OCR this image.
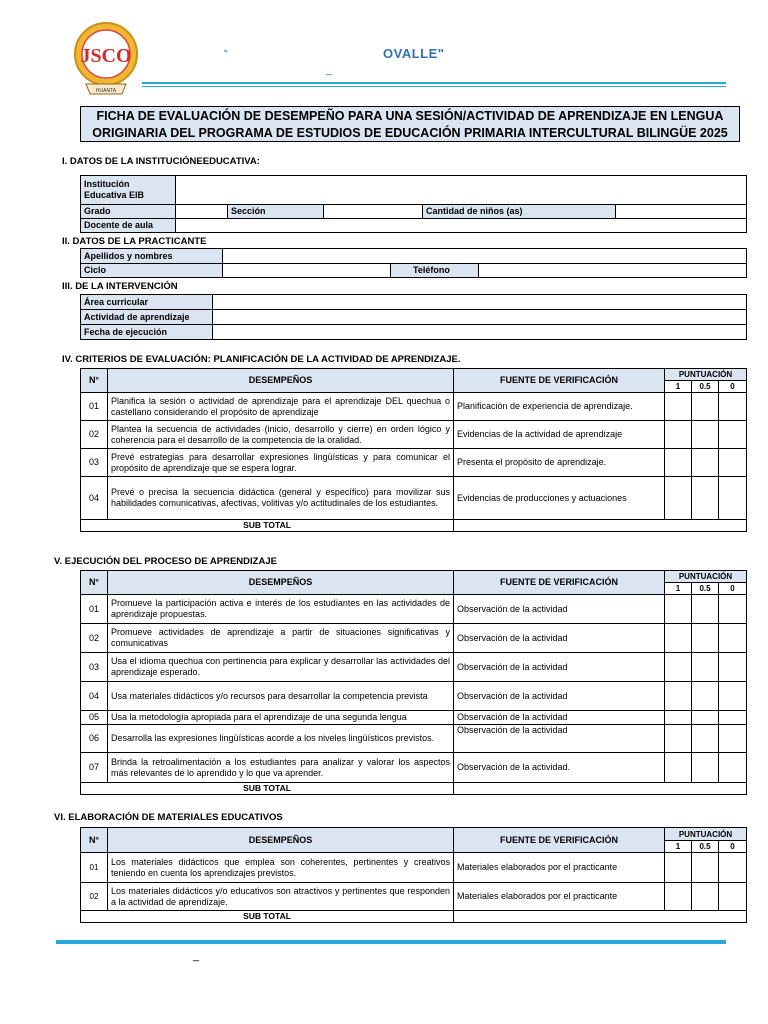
JSCO
HUANTA
“	OVALLE"
_
FICHA DE EVALUACIÓN DE DESEMPEÑO PARA UNA SESIÓN/ACTIVIDAD DE APRENDIZAJE EN LENGUA
ORIGINARIA DEL PROGRAMA DE ESTUDIOS DE EDUCACIÓN PRIMARIA INTERCULTURAL BILINGÜE 2025
I. DATOS DE LA INSTITUCIÓNEEDUCATIVA:
Institución Educativa EIB					
Grado		Sección		Cantidad de niños (as)	
Docente de aula					
II. DATOS DE LA PRACTICANTE
Apellidos y nombres			
Ciclo		Teléfono	
III. DE LA INTERVENCIÓN
Área curricular	
Actividad de aprendizaje	
Fecha de ejecución	
IV. CRITERIOS DE EVALUACIÓN: PLANIFICACIÓN DE LA ACTIVIDAD DE APRENDIZAJE.
N°	DESEMPEÑOS	FUENTE DE VERIFICACIÓN	PUNTUACIÓN		
			1	0.5	0
01	Planifica la sesión o actividad de aprendizaje para el aprendizaje DEL quechua o castellano considerando el propósito de aprendizaje	Planificación de experiencia de aprendizaje.			
02	Plantea la secuencia de actividades (inicio, desarrollo y cierre) en orden lógico y coherencia para el desarrollo de la competencia de la oralidad.	Evidencias de la actividad de aprendizaje			
03	Prevé estrategias para desarrollar expresiones lingüísticas y para comunicar el propósito de aprendizaje que se espera lograr.	Presenta el propósito de aprendizaje.			
04	Prevé o precisa la secuencia didáctica (general y específico) para movilizar sus habilidades comunicativas, afectivas, volitivas y/o actitudinales de los estudiantes.	Evidencias de producciones y actuaciones			
SUB TOTAL					
V. EJECUCIÓN DEL PROCESO DE APRENDIZAJE
N°	DESEMPEÑOS	FUENTE DE VERIFICACIÓN	PUNTUACIÓN		
			1	0.5	0
01	Promueve la participación activa e interés de los estudiantes en las actividades de aprendizaje propuestas.	Observación de la actividad			
02	Promueve actividades de aprendizaje a partir de situaciones significativas y comunicativas	Observación de la actividad			
03	Usa el idioma quechua con pertinencia para explicar y desarrollar las actividades del aprendizaje esperado.	Observación de la actividad			
04	Usa materiales didácticos y/o recursos para desarrollar la competencia prevista	Observación de la actividad			
05	Usa la metodología apropiada para el aprendizaje de una segunda lengua	Observación de la actividad			
06	Desarrolla las expresiones lingüísticas acorde a los niveles lingüísticos previstos.	Observación de la actividad			
07	Brinda la retroalimentación a los estudiantes para analizar y valorar los aspectos más relevantes de lo aprendido y lo que va aprender.	Observación de la actividad.			
SUB TOTAL					
VI. ELABORACIÓN DE MATERIALES EDUCATIVOS
N°	DESEMPEÑOS	FUENTE DE VERIFICACIÓN	PUNTUACIÓN		
			1	0.5	0
01	Los materiales didácticos que emplea son coherentes, pertinentes y creativos teniendo en cuenta los aprendizajes previstos.	Materiales elaborados por el practicante			
02	Los materiales didácticos y/o educativos son atractivos y pertinentes que responden a la actividad de aprendizaje.	Materiales elaborados por el practicante			
SUB TOTAL					
_
